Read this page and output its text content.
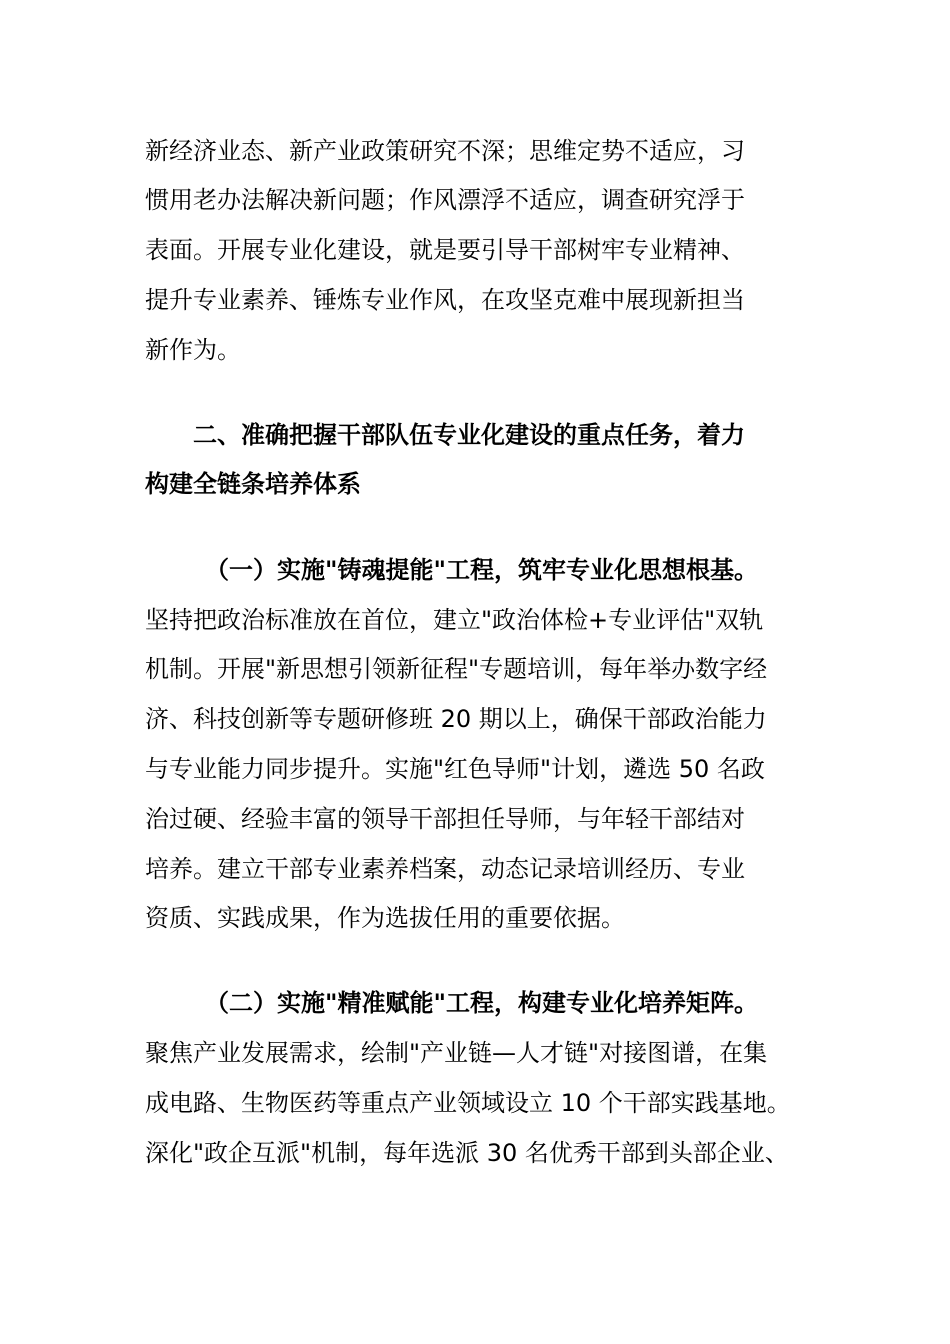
新经济业态、新产业政策研究不深；思维定势不适应，习
惯用老办法解决新问题；作风漂浮不适应，调查研究浮于
表面。开展专业化建设，就是要引导干部树牢专业精神、
提升专业素养、锤炼专业作风，在攻坚克难中展现新担当
新作为。
二、准确把握干部队伍专业化建设的重点任务，着力
构建全链条培养体系
（一）实施"铸魂提能"工程，筑牢专业化思想根基。
坚持把政治标准放在首位，建立"政治体检+专业评估"双轨
机制。开展"新思想引领新征程"专题培训，每年举办数字经
济、科技创新等专题研修班 20 期以上，确保干部政治能力
与专业能力同步提升。实施"红色导师"计划，遴选 50 名政
治过硬、经验丰富的领导干部担任导师，与年轻干部结对
培养。建立干部专业素养档案，动态记录培训经历、专业
资质、实践成果，作为选拔任用的重要依据。
（二）实施"精准赋能"工程，构建专业化培养矩阵。
聚焦产业发展需求，绘制"产业链—人才链"对接图谱，在集
成电路、生物医药等重点产业领域设立 10 个干部实践基地。
深化"政企互派"机制，每年选派 30 名优秀干部到头部企业、
